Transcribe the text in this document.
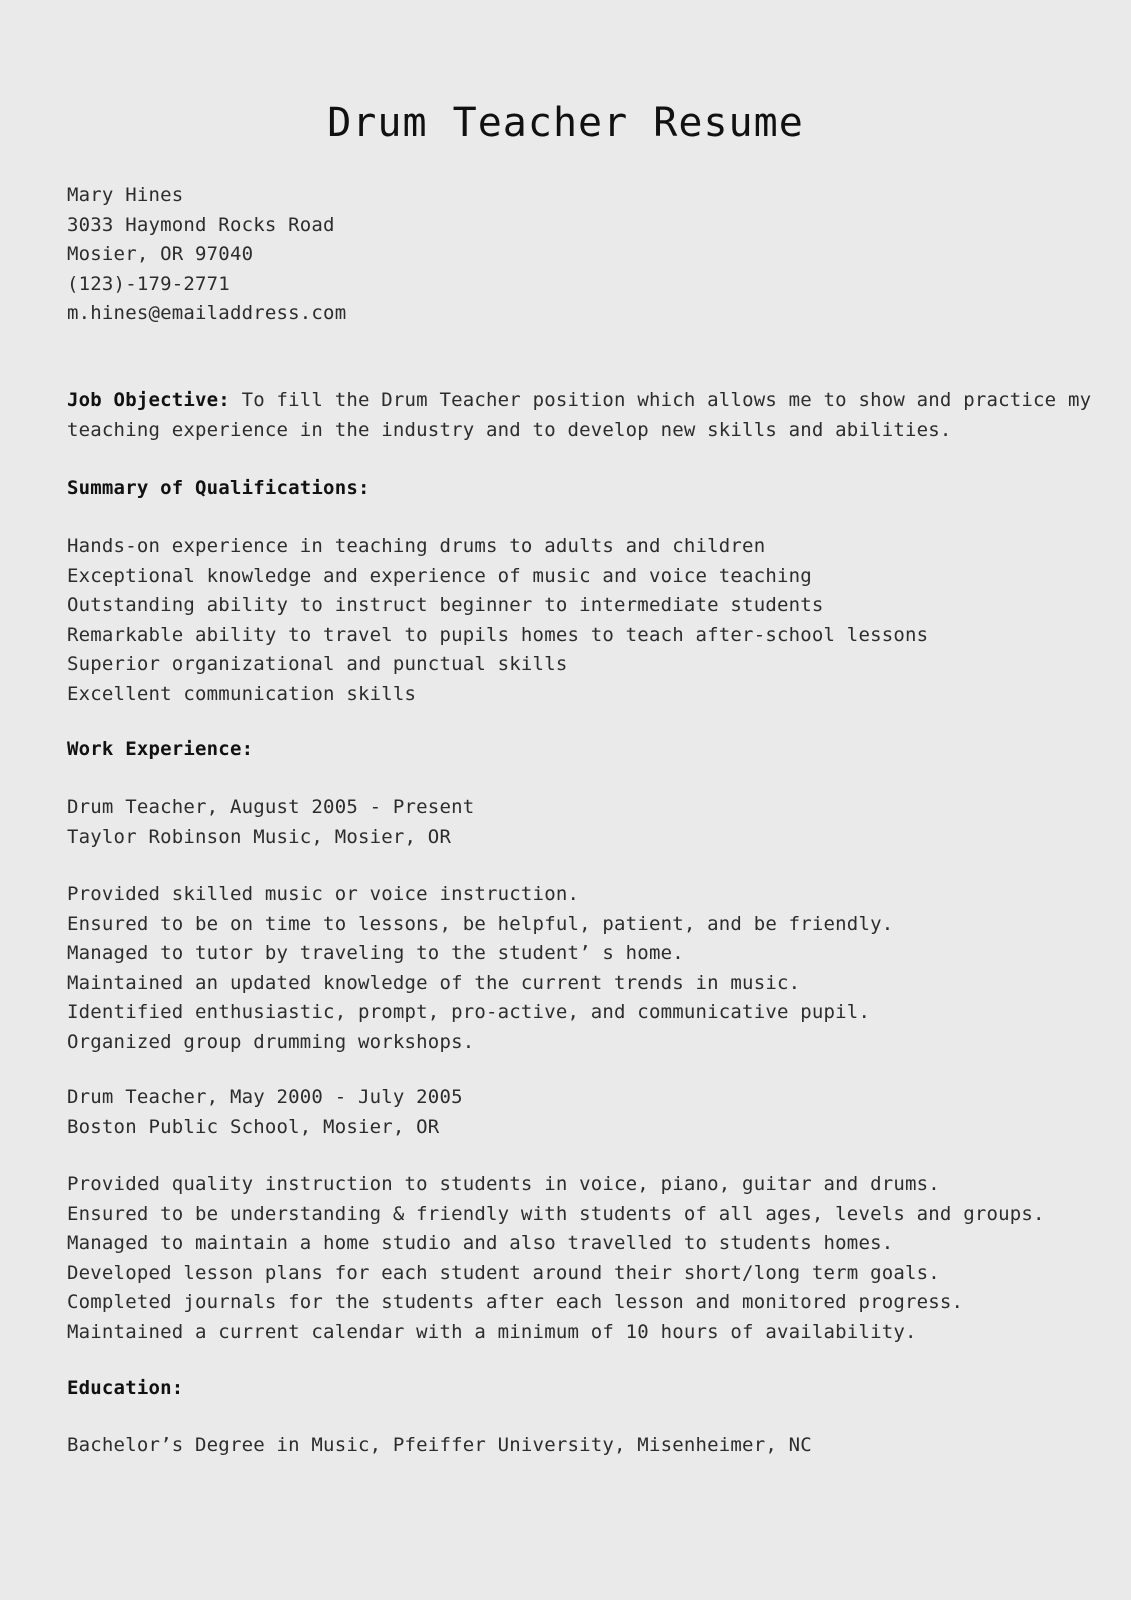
Drum Teacher Resume
Mary Hines
3033 Haymond Rocks Road
Mosier, OR 97040
(123)-179-2771
m.hines@emailaddress.com
Job Objective: To fill the Drum Teacher position which allows me to show and practice my
teaching experience in the industry and to develop new skills and abilities.
Summary of Qualifications:
Hands-on experience in teaching drums to adults and children
Exceptional knowledge and experience of music and voice teaching
Outstanding ability to instruct beginner to intermediate students
Remarkable ability to travel to pupils homes to teach after-school lessons
Superior organizational and punctual skills
Excellent communication skills
Work Experience:
Drum Teacher, August 2005 - Present
Taylor Robinson Music, Mosier, OR
Provided skilled music or voice instruction.
Ensured to be on time to lessons, be helpful, patient, and be friendly.
Managed to tutor by traveling to the student’ s home.
Maintained an updated knowledge of the current trends in music.
Identified enthusiastic, prompt, pro-active, and communicative pupil.
Organized group drumming workshops.
Drum Teacher, May 2000 - July 2005
Boston Public School, Mosier, OR
Provided quality instruction to students in voice, piano, guitar and drums.
Ensured to be understanding & friendly with students of all ages, levels and groups.
Managed to maintain a home studio and also travelled to students homes.
Developed lesson plans for each student around their short/long term goals.
Completed journals for the students after each lesson and monitored progress.
Maintained a current calendar with a minimum of 10 hours of availability.
Education:
Bachelor’s Degree in Music, Pfeiffer University, Misenheimer, NC
